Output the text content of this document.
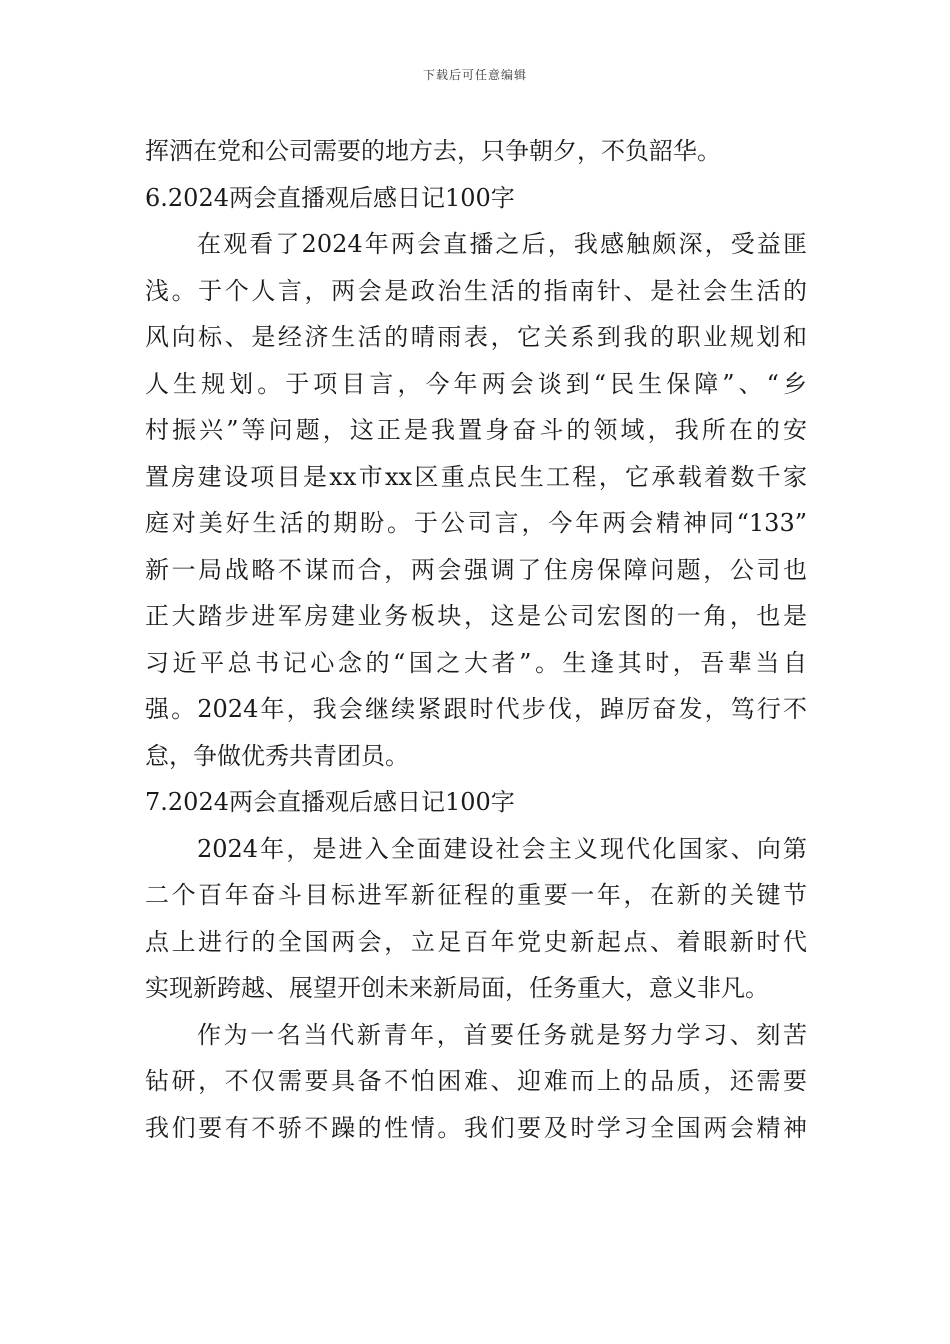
下载后可任意编辑
挥洒在党和公司需要的地方去，只争朝夕，不负韶华。
6.2024两会直播观后感日记100字
在观看了2024年两会直播之后，我感触颇深，受益匪
浅。于个人言，两会是政治生活的指南针、是社会生活的
风向标、是经济生活的晴雨表，它关系到我的职业规划和
人生规划。于项目言，今年两会谈到“民生保障”、“乡
村振兴”等问题，这正是我置身奋斗的领域，我所在的安
置房建设项目是xx市xx区重点民生工程，它承载着数千家
庭对美好生活的期盼。于公司言，今年两会精神同“133”
新一局战略不谋而合，两会强调了住房保障问题，公司也
正大踏步进军房建业务板块，这是公司宏图的一角，也是
习近平总书记心念的“国之大者”。生逢其时，吾辈当自
强。2024年，我会继续紧跟时代步伐，踔厉奋发，笃行不
怠，争做优秀共青团员。
7.2024两会直播观后感日记100字
2024年，是进入全面建设社会主义现代化国家、向第
二个百年奋斗目标进军新征程的重要一年，在新的关键节
点上进行的全国两会，立足百年党史新起点、着眼新时代
实现新跨越、展望开创未来新局面，任务重大，意义非凡。
作为一名当代新青年，首要任务就是努力学习、刻苦
钻研，不仅需要具备不怕困难、迎难而上的品质，还需要
我们要有不骄不躁的性情。我们要及时学习全国两会精神
